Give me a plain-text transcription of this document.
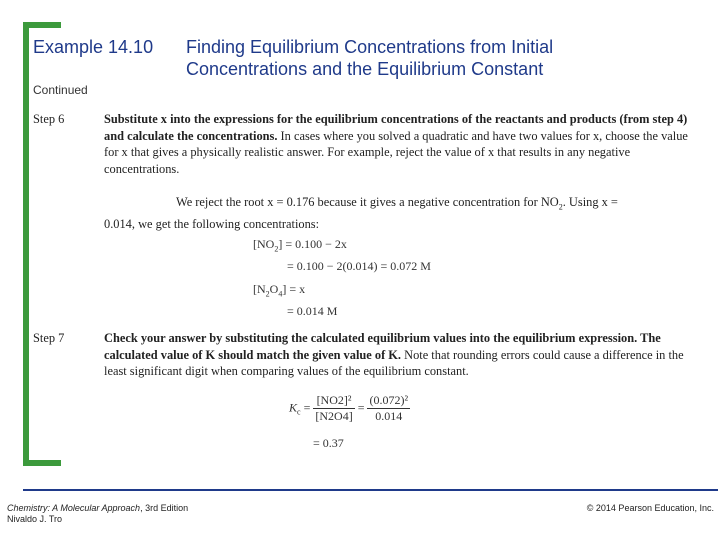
Example 14.10 Finding Equilibrium Concentrations from Initial
Concentrations and the Equilibrium Constant
Continued
Step 6	Substitute x into the expressions for the equilibrium concentrations of the reactants and products (from step 4) and calculate the concentrations. In cases where you solved a quadratic and have two values for x, choose the value for x that gives a physically realistic answer. For example, reject the value of x that results in any negative concentrations.
We reject the root x = 0.176 because it gives a negative concentration for $NO_2$. Using x =
0.014, we get the following concentrations:
$[NO_2] = 0.100 - 2x$
= 0.100 − 2(0.014) = 0.072 M
$[N_2O_4] = x$
= 0.014 M
Step 7	Check your answer by substituting the calculated equilibrium values into the equilibrium expression. The calculated value of K should match the given value of K. Note that rounding errors could cause a difference in the least significant digit when comparing values of the equilibrium constant.
$K_c = \frac{\text{[NO2]²}}{[N2O4]} = \frac{\text{(0.072)²}}{0.014}$
= 0.37
Chemistry: A Molecular Approach, 3rd Edition
Nivaldo J. Tro
© 2014 Pearson Education, Inc.
